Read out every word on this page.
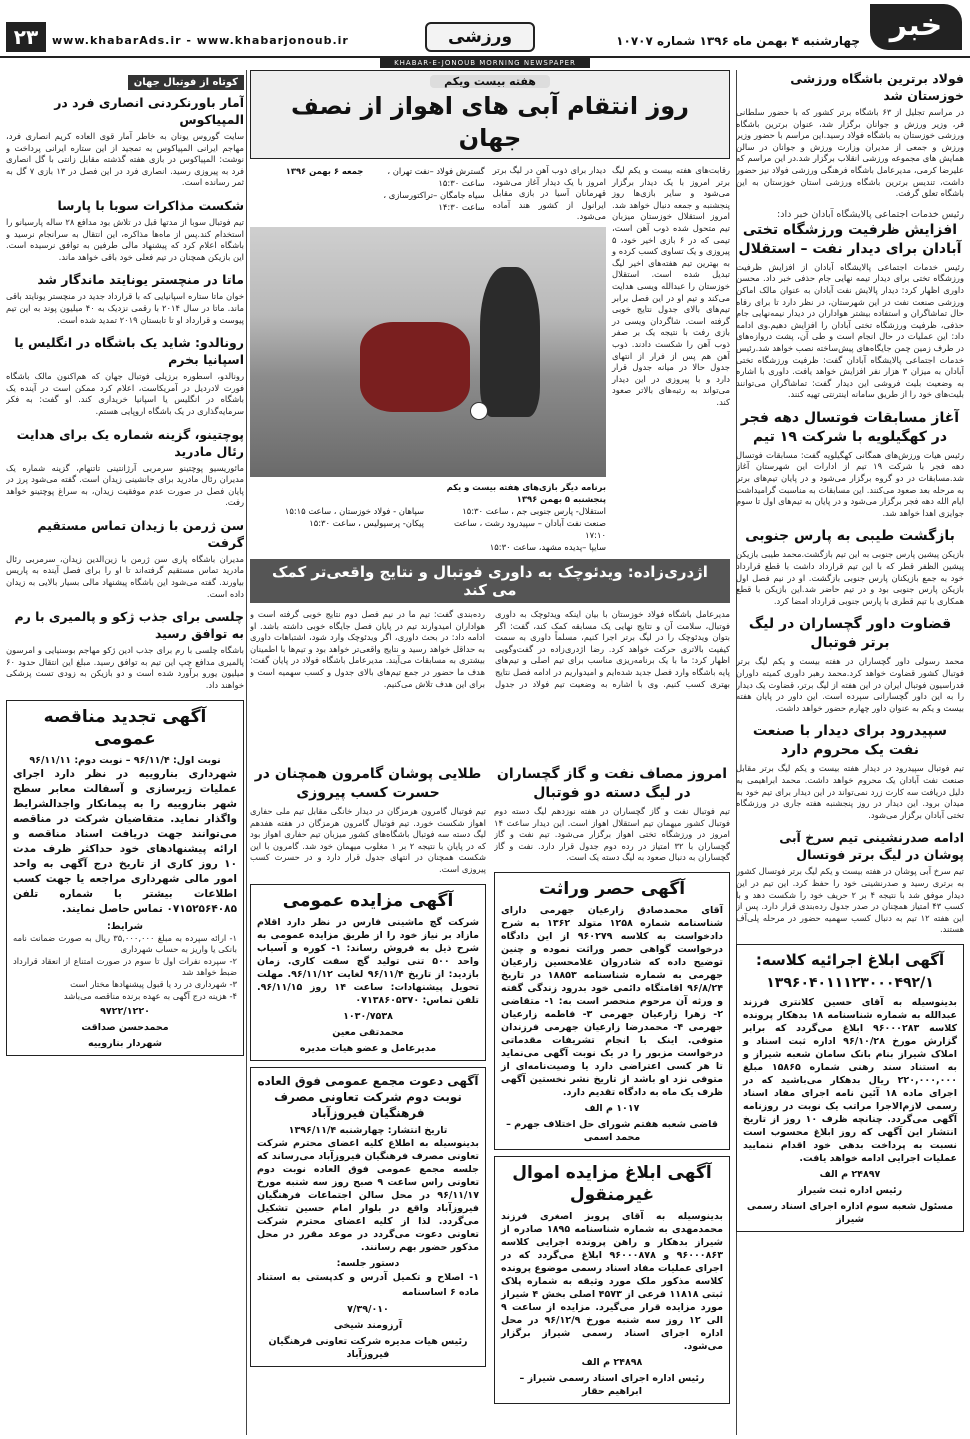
خبر
چهارشنبه ۴ بهمن ماه ۱۳۹۶ شماره ۱۰۷۰۷
ورزشی
۲۳	www.khabarAds.ir - www.khabarjonoub.ir
KHABAR-E-JONOUB MORNING NEWSPAPER
فولاد برترین باشگاه ورزشی خوزستان شد
در مراسم تجلیل از ۶۳ باشگاه برتر کشور که با حضور سلطانی فر، وزیر ورزش و جوانان برگزار شد، عنوان برترین باشگاه ورزشی خوزستان به باشگاه فولاد رسید.این مراسم با حضور وزیر ورزش و جمعی از مدیران وزارت ورزش و جوانان در سالن همایش های مجموعه ورزشی انقلاب برگزار شد.در این مراسم که علیرضا کرمی، مدیرعامل باشگاه فرهنگی ورزشی فولاد نیز حضور داشت، تندیس برترین باشگاه ورزشی استان خوزستان به این باشگاه تعلق گرفت.
رئیس خدمات اجتماعی پالایشگاه آبادان خبر داد:
افزایش ظرفیت ورزشگاه تختی آبادان برای دیدار نفت – استقلال
رئیس خدمات اجتماعی پالایشگاه آبادان از افزایش ظرفیت ورزشگاه تختی برای دیدار تیمه نهایی جام حذفی خبر داد. محسن داوری اظهار کرد: دیدار پالایش نفت آبادان به عنوان مالک اماکن ورزشی صنعت نفت در این شهرستان، در نظر دارد تا برای رفاه حال تماشاگران و استفاده بیشتر هواداران در دیدار نیمه‌نهایی جام حذفی، ظرفیت ورزشگاه تختی آبادان را افزایش دهیم.وی ادامه داد: این عملیات در حال انجام است و طی آن، پشت دروازه‌های در طرف زمین چمن جایگاه‌های پیش‌ساخته نصب خواهد شد.رئیس خدمات اجتماعی پالایشگاه آبادان گفت: ظرفیت ورزشگاه تختی آبادان به میزان ۳ هزار نفر افزایش خواهد یافت. داوری با اشاره به وضعیت بلیت فروشی این دیدار گفت: تماشاگران می‌توانند بلیت‌های خود را از طریق سامانه اینترنتی تهیه کنند.
آغاز مسابقات فوتسال دهه فجر در کهگیلویه با شرکت ۱۹ تیم
رئیس هیات ورزش‌های همگانی کهگیلویه گفت: مسابقات فوتسال دهه فجر با شرکت ۱۹ تیم از ادارات این شهرستان آغاز شد.مسابقات در دو گروه برگزار می‌شود و در پایان تیم‌های برتر به مرحله بعد صعود می‌کنند. این مسابقات به مناسبت گرامیداشت ایام الله دهه فجر برگزار می‌شود و در پایان به تیم‌های اول تا سوم جوایزی اهدا خواهد شد.
بازگشت طیبی به پارس جنوبی
بازیکن پیشین پارس جنوبی به این تیم بازگشت.محمد طیبی بازیکن پیشین الظفر قطر که با این تیم قرارداد داشت با قطع قرارداد خود به جمع بازیکنان پارس جنوبی بازگشت. او در نیم فصل اول بازیکن پارس جنوبی بود و در تیم حاضر شد.این بازیکن با قطع همکاری با تیم قطری با پارس جنوبی قرارداد امضا کرد.
قضاوت داور گچساران در لیگ برتر فوتبال
محمد رسولی داور گچساران در هفته بیست و یکم لیگ برتر فوتبال کشور قضاوت خواهد کرد.محمد رهبر داوری کمیته داوران فدراسیون فوتبال ایران در این هفته از لیگ برتر، قضاوت یک دیدار را به این داور گچسارانی سپرده است. این داور در پایان هفته بیست و یکم به عنوان داور چهارم حضور خواهد داشت.
سپیدرود برای دیدار با صنعت نفت یک محروم دارد
تیم فوتبال سپیدرود در دیدار هفته بیست و یکم لیگ برتر مقابل صنعت نفت آبادان یک محروم خواهد داشت. محمد ابراهیمی به دلیل دریافت سه کارت زرد نمی‌تواند در این دیدار برای تیم خود به میدان برود. این دیدار در روز پنجشنبه هفته جاری در ورزشگاه تختی آبادان برگزار می‌شود.
ادامه صدرنشینی تیم سرخ آبی پوشان در لیگ برتر فوتسال
تیم سرخ آبی پوشان در هفته بیست و یکم لیگ برتر فوتسال کشور به برتری رسید و صدرنشینی خود را حفظ کرد. این تیم در این دیدار موفق شد با نتیجه ۴ بر ۲ حریف خود را شکست دهد و با کسب ۴۳ امتیاز همچنان در صدر جدول رده‌بندی قرار دارد. پس از این هفته ۱۲ تیم به دنبال کسب سهمیه حضور در مرحله پلی‌آف هستند.
آگهی ابلاغ اجرائیه کلاسه:
۱۳۹۶۰۴۰۱۱۱۲۳۰۰۰۴۹۲/۱
بدینوسیله به آقای حسین کلانتری فرزند عبدالله به شماره شناسنامه ۱۸ بدهکار پرونده کلاسه ۹۶۰۰۰۲۸۳ ابلاغ می‌گردد که برابر گزارش مورخ ۹۶/۱۰/۲۸ اداره ثبت اسناد و املاک شیراز بنام بانک سامان شعبه شیراز و به استناد سند رهنی شماره ۱۵۸۶۵ مبلغ ۲۲۰,۰۰۰,۰۰۰ ریال بدهکار می‌باشید که در اجرای ماده ۱۸ آئین نامه اجرای مفاد اسناد رسمی لازم‌الاجرا مراتب یک نوبت در روزنامه آگهی می‌گردد. چنانچه ظرف ۱۰ روز از تاریخ انتشار این آگهی که روز ابلاغ محسوب است نسبت به پرداخت بدهی خود اقدام ننمایید عملیات اجرایی ادامه خواهد یافت.
۲۴۸۹۷ م الف
رئیس اداره ثبت شیراز
مسئول شعبه سوم اداره اجرای اسناد رسمی شیراز
هفته بیست ویکم
روز انتقام آبی های اهواز از نصف جهان
رقابت‌های هفته بیست و یکم لیگ برتر امروز با یک دیدار برگزار می‌شود و سایر بازی‌ها روز پنجشنبه و جمعه دنبال خواهد شد. امروز استقلال خوزستان میزبان تیم متحول شده ذوب آهن است، تیمی که در ۶ بازی اخیر خود، ۵ پیروزی و یک تساوی کسب کرده و به بهترین تیم هفته‌های اخیر لیگ تبدیل شده است. استقلال خوزستان را عبدالله ویسی هدایت می‌کند و تیم او در این فصل برابر تیم‌های بالای جدول نتایج خوبی گرفته است. شاگردان ویسی در بازی رفت با نتیجه یک بر صفر ذوب آهن را شکست دادند. ذوب آهن هم پس از فرار از انتهای جدول حالا در میانه جدول قرار دارد و با پیروزی در این دیدار می‌تواند به رتبه‌های بالاتر صعود کند.
دیدار برای ذوب آهن در لیگ برتر امروز با یک دیدار آغاز می‌شود، قهرمانان آسیا در بازی مقابل ایرانول از کشور هند آماده می‌شود.
گسترش فولاد –نفت تهران ، ساعت ۱۵:۳۰
سیاه جامگان –تراکتورسازی ، ساعت ۱۴:۳۰
جمعه ۶ بهمن ۱۳۹۶
برنامه دیگر بازی‌های هفته بیست و یکم
پنجشنبه ۵ بهمن ۱۳۹۶
استقلال- پارس جنوبی جم ، ساعت ۱۵:۳۰
صنعت نفت آبادان – سپیدرود رشت ، ساعت ۱۷:۱۰
سایپا –پدیده مشهد، ساعت ۱۵:۳۰
سپاهان - فولاد خوزستان ، ساعت ۱۵:۱۵
پیکان- پرسپولیس ، ساعت ۱۵:۳۰
اژدری‌زاده: ویدئوچک به داوری فوتبال و نتایج واقعی‌تر کمک می کند
مدیرعامل باشگاه فولاد خوزستان با بیان اینکه ویدئوچک به داوری فوتبال، سلامت آن و نتایج نهایی یک مسابقه کمک کند، گفت: اگر بتوان ویدئوچک را در لیگ برتر اجرا کنیم، مسلماً داوری به سمت کیفیت بالاتری حرکت خواهد کرد. رضا اژدری‌زاده در گفت‌وگویی اظهار کرد: ما با یک برنامه‌ریزی مناسب برای تیم اصلی و تیم‌های پایه باشگاه وارد فصل جدید شده‌ایم و امیدواریم در ادامه فصل نتایج بهتری کسب کنیم. وی با اشاره به وضعیت تیم فولاد در جدول رده‌بندی گفت: تیم ما در نیم فصل دوم نتایج خوبی گرفته است و هواداران امیدوارند تیم در پایان فصل جایگاه خوبی داشته باشد. او ادامه داد: در بحث داوری، اگر ویدئوچک وارد شود، اشتباهات داوری به حداقل خواهد رسید و نتایج واقعی‌تر خواهد بود و تیم‌ها با اطمینان بیشتری به مسابقات می‌آیند. مدیرعامل باشگاه فولاد در پایان گفت: هدف ما حضور در جمع تیم‌های بالای جدول و کسب سهمیه است و برای این هدف تلاش می‌کنیم.
امروز مصاف نفت و گاز گچساران در لیگ دسته دو فوتبال
تیم فوتبال نفت و گاز گچساران در هفته نوزدهم لیگ دسته دوم فوتبال کشور میهمان تیم استقلال اهواز است. این دیدار ساعت ۱۴ امروز در ورزشگاه تختی اهواز برگزار می‌شود. تیم نفت و گاز گچساران با ۳۲ امتیاز در رده دوم جدول قرار دارد. نفت و گاز گچساران به دنبال صعود به لیگ دسته یک است.
آگهی حصر وراثت
آقای محمدصادق زارعیان جهرمی دارای شناسنامه شماره ۱۲۵۸ متولد ۱۳۶۲ به شرح دادخواست به کلاسه ۹۶۰۲۷۹ از این دادگاه درخواست گواهی حصر وراثت نموده و چنین توضیح داده که شادروان غلامحسین زارعیان جهرمی به شماره شناسنامه ۱۸۸۵۳ در تاریخ ۹۶/۸/۲۴ اقامتگاه دائمی خود بدرود زندگی گفته و ورثه آن مرحوم منحصر است به: ۱- متقاضی ۲- زهرا زارعیان جهرمی ۳- فاطمه زارعیان جهرمی ۴- محمدرضا زارعیان جهرمی فرزندان متوفی. اینک با انجام تشریفات مقدماتی درخواست مزبور را در یک نوبت آگهی می‌نماید تا هر کسی اعتراضی دارد یا وصیت‌نامه‌ای از متوفی نزد او باشد از تاریخ نشر نخستین آگهی ظرف یک ماه به دادگاه تقدیم دارد.
۱۰۱۷ م الف
قاضی شعبه هفتم شورای حل اختلاف جهرم – محمد اسمی
آگهی ابلاغ مزایده اموال غیرمنقول
بدینوسیله به آقای پرویز اصغری فرزند محمدمهدی به شماره شناسنامه ۱۸۹۵ صادره از شیراز بدهکار و راهن پرونده اجرایی کلاسه ۹۶۰۰۰۸۶۳ و ۹۶۰۰۰۸۷۸ ابلاغ می‌گردد که در اجرای عملیات مفاد اسناد رسمی موضوع پرونده کلاسه مذکور ملک مورد وثیقه به شماره پلاک ثبتی ۱۱۸۱۸ فرعی از ۴۵۷۳ اصلی بخش ۴ شیراز مورد مزایده قرار می‌گیرد. مزایده از ساعت ۹ الی ۱۲ روز سه شنبه مورخ ۹۶/۱۲/۹ در محل اداره اجرای اسناد رسمی شیراز برگزار می‌شود.
۲۴۸۹۸ م الف
رئیس اداره اجرای اسناد رسمی شیراز – ابراهیم حقار
طلایی پوشان گامرون همچنان در حسرت کسب پیروزی
تیم فوتبال گامرون هرمزگان در دیدار خانگی مقابل تیم ملی حفاری اهواز شکست خورد. تیم فوتبال گامرون هرمزگان در هفته هفدهم لیگ دسته سه فوتبال باشگاه‌های کشور میزبان تیم حفاری اهواز بود که در پایان با نتیجه ۲ بر ۱ مغلوب میهمان خود شد. گامرون با این شکست همچنان در انتهای جدول قرار دارد و در حسرت کسب پیروزی است.
آگهی مزایده عمومی
شرکت گچ ماشینی فارس در نظر دارد اقلام مازاد بر نیاز خود را از طریق مزایده عمومی به شرح ذیل به فروش رساند: ۱- کوره و آسیاب واحد ۵۰۰ تنی تولید گچ سفت کاری. زمان بازدید: از تاریخ ۹۶/۱۱/۴ لغایت ۹۶/۱۱/۱۲. مهلت تحویل پیشنهادات: ساعت ۱۴ روز ۹۶/۱۱/۱۵. تلفن تماس: ۰۷۱۳۸۶۰۵۳۷۰
۱۰۳۰/۷۵۳۸
محمدتقی معین
مدیرعامل و عضو هیات مدیره
آگهی دعوت مجمع عمومی فوق العاده نوبت دوم شرکت تعاونی مصرف فرهنگیان فیروزآباد
تاریخ انتشار: چهارشنبه ۱۳۹۶/۱۱/۴
بدینوسیله به اطلاع کلیه اعضای محترم شرکت تعاونی مصرف فرهنگیان فیروزآباد می‌رساند که جلسه مجمع عمومی فوق العاده نوبت دوم تعاونی راس ساعت ۹ صبح روز سه شنبه مورخ ۹۶/۱۱/۱۷ در محل سالن اجتماعات فرهنگیان فیروزآباد واقع در بلوار امام حسین تشکیل می‌گردد. لذا از کلیه اعضای محترم شرکت تعاونی دعوت می‌گردد در موعد مقرر در محل مذکور حضور بهم رسانند.
دستور جلسه:
۱- اصلاح و تکمیل آدرس و کدپستی به استناد ماده ۶ اساسنامه
۷/۳۹/۰۱۰
آرزومند شیخی
رئیس هیات مدیره شرکت تعاونی فرهنگیان فیروزآباد
کوتاه از فوتبال جهان
آمار باورنکردنی انصاری فرد در المپیاکوس
سایت گوروس یونان به خاطر آمار قوی العاده کریم انصاری فرد، مهاجم ایرانی المپیاکوس به تمجید از این ستاره ایرانی پرداخت و نوشت: المپیاکوس در بازی هفته گذشته مقابل زانتی با گل انصاری فرد به پیروزی رسید. انصاری فرد در این فصل در ۱۳ بازی ۷ گل به ثمر رسانده است.
شکست مذاکرات سوبا با پارسا
تیم فوتبال سوبا از مدتها قبل در تلاش بود مدافع ۲۸ ساله پارسیانو را استخدام کند.پس از ماه‌ها مذاکره، این انتقال به سرانجام نرسید و باشگاه اعلام کرد که پیشنهاد مالی طرفین به توافق نرسیده است. این بازیکن همچنان در تیم فعلی خود باقی خواهد ماند.
ماتا در منچستر یونایتد ماندگار شد
خوان ماتا ستاره اسپانیایی که با قرارداد جدید در منچستر یونایتد باقی ماند. ماتا در سال ۲۰۱۴ با رقمی نزدیک به ۴۰ میلیون پوند به این تیم پیوست و قرارداد او تا تابستان ۲۰۱۹ تمدید شده است.
رونالدو: شاید یک باشگاه در انگلیس یا اسپانیا بخرم
رونالدو، اسطوره برزیلی فوتبال جهان که هم‌اکنون مالک باشگاه فورت لادردیل در آمریکاست، اعلام کرد ممکن است در آینده یک باشگاه در انگلیس یا اسپانیا خریداری کند. او گفت: به فکر سرمایه‌گذاری در یک باشگاه اروپایی هستم.
پوچتینو، گزینه شماره یک برای هدایت رئال مادرید
مائوریسیو پوچتینو سرمربی آرژانتینی تاتنهام، گزینه شماره یک مدیران رئال مادرید برای جانشینی زیدان است. گفته می‌شود پرز در پایان فصل در صورت عدم موفقیت زیدان، به سراغ پوچتینو خواهد رفت.
سن ژرمن با زیدان تماس مستقیم گرفت
مدیران باشگاه پاری سن ژرمن با زین‌الدین زیدان، سرمربی رئال مادرید تماس مستقیم گرفته‌اند تا او را برای فصل آینده به پاریس بیاورند. گفته می‌شود این باشگاه پیشنهاد مالی بسیار بالایی به زیدان داده است.
چلسی برای جذب ژکو و پالمیری با رم به توافق رسید
باشگاه چلسی با رم برای جذب ادین ژکو مهاجم بوسنیایی و امرسون پالمیری مدافع چپ این تیم به توافق رسید. مبلغ این انتقال حدود ۶۰ میلیون یورو برآورد شده است و دو بازیکن به زودی تست پزشکی خواهند داد.
آگهی تجدید مناقصه عمومی
نوبت اول: ۹۶/۱۱/۴ – نوبت دوم: ۹۶/۱۱/۱۱
شهرداری بناروییه در نظر دارد اجرای عملیات زیرسازی و آسفالت معابر سطح شهر بناروییه را به پیمانکار واجدالشرایط واگذار نماید. متقاضیان شرکت در مناقصه می‌توانند جهت دریافت اسناد مناقصه و ارائه پیشنهادهای خود حداکثر ظرف مدت ۱۰ روز کاری از تاریخ درج آگهی به واحد امور مالی شهرداری مراجعه یا جهت کسب اطلاعات بیشتر با شماره تلفن ۰۷۱۵۲۵۶۴۰۸۵ تماس حاصل نمایند.
شرایط:
۱- ارائه سپرده به مبلغ ۳۵,۰۰۰,۰۰۰ ریال به صورت ضمانت نامه بانکی یا واریز به حساب شهرداری
۲- سپرده نفرات اول تا سوم در صورت امتناع از انعقاد قرارداد ضبط خواهد شد
۳- شهرداری در رد یا قبول پیشنهادها مختار است
۴- هزینه درج آگهی به عهده برنده مناقصه می‌باشد
۹۷۲۲/۱۲۲۰
محمدحسن صداقت
شهردار بناروییه
